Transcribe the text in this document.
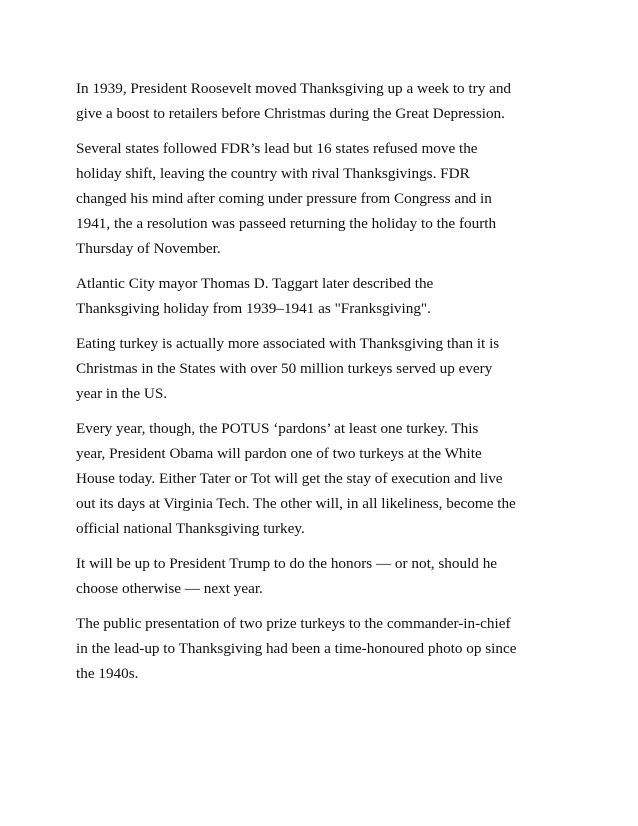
In 1939, President Roosevelt moved Thanksgiving up a week to try and
give a boost to retailers before Christmas during the Great Depression.

Several states followed FDR’s lead but 16 states refused move the
holiday shift, leaving the country with rival Thanksgivings. FDR
changed his mind after coming under pressure from Congress and in
1941, the a resolution was passeed returning the holiday to the fourth
Thursday of November.

Atlantic City mayor Thomas D. Taggart later described the
Thanksgiving holiday from 1939–1941 as "Franksgiving".

Eating turkey is actually more associated with Thanksgiving than it is
Christmas in the States with over 50 million turkeys served up every
year in the US.

Every year, though, the POTUS ‘pardons’ at least one turkey. This
year, President Obama will pardon one of two turkeys at the White
House today. Either Tater or Tot will get the stay of execution and live
out its days at Virginia Tech. The other will, in all likeliness, become the
official national Thanksgiving turkey.

It will be up to President Trump to do the honors — or not, should he
choose otherwise — next year.

The public presentation of two prize turkeys to the commander-in-chief
in the lead-up to Thanksgiving had been a time-honoured photo op since
the 1940s.
